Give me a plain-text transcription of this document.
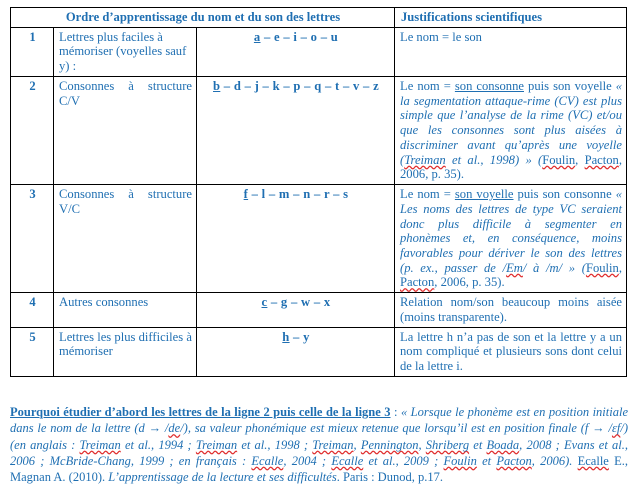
Ordre d’apprentissage du nom et du son des lettres			Justifications scientifiques
1	Lettres plus faciles à mémoriser (voyelles sauf y) :	a – e – i – o – u	Le nom = le son
2	Consonnes à structure C/V	b – d – j – k – p – q – t – v – z	Le nom = son consonne puis son voyelle « la segmentation attaque-rime (CV) est plus simple que l’analyse de la rime (VC) et/ou que les consonnes sont plus aisées à discriminer avant qu’après une voyelle (Treiman et al., 1998) » (Foulin, Pacton, 2006, p. 35).
3	Consonnes à structure V/C	f – l – m – n – r – s	Le nom = son voyelle puis son consonne « Les noms des lettres de type VC seraient donc plus difficile à segmenter en phonèmes et, en conséquence, moins favorables pour dériver le son des lettres (p. ex., passer de /Em/ à /m/ » (Foulin, Pacton, 2006, p. 35).
4	Autres consonnes	c – g – w – x	Relation nom/son beaucoup moins aisée (moins transparente).
5	Lettres les plus difficiles à mémoriser	h – y	La lettre h n’a pas de son et la lettre y a un nom compliqué et plusieurs sons dont celui de la lettre i.
Pourquoi étudier d’abord les lettres de la ligne 2 puis celle de la ligne 3 : « Lorsque le phonème est en position initiale dans le nom de la lettre (d → /de/), sa valeur phonémique est mieux retenue que lorsqu’il est en position finale (f → /ɛf/) (en anglais : Treiman et al., 1994 ; Treiman et al., 1998 ; Treiman, Pennington, Shriberg et Boada, 2008 ; Evans et al., 2006 ; McBride-Chang, 1999 ; en français : Ecalle, 2004 ; Ecalle et al., 2009 ; Foulin et Pacton, 2006). Ecalle E., Magnan A. (2010). L’apprentissage de la lecture et ses difficultés. Paris : Dunod, p.17.
